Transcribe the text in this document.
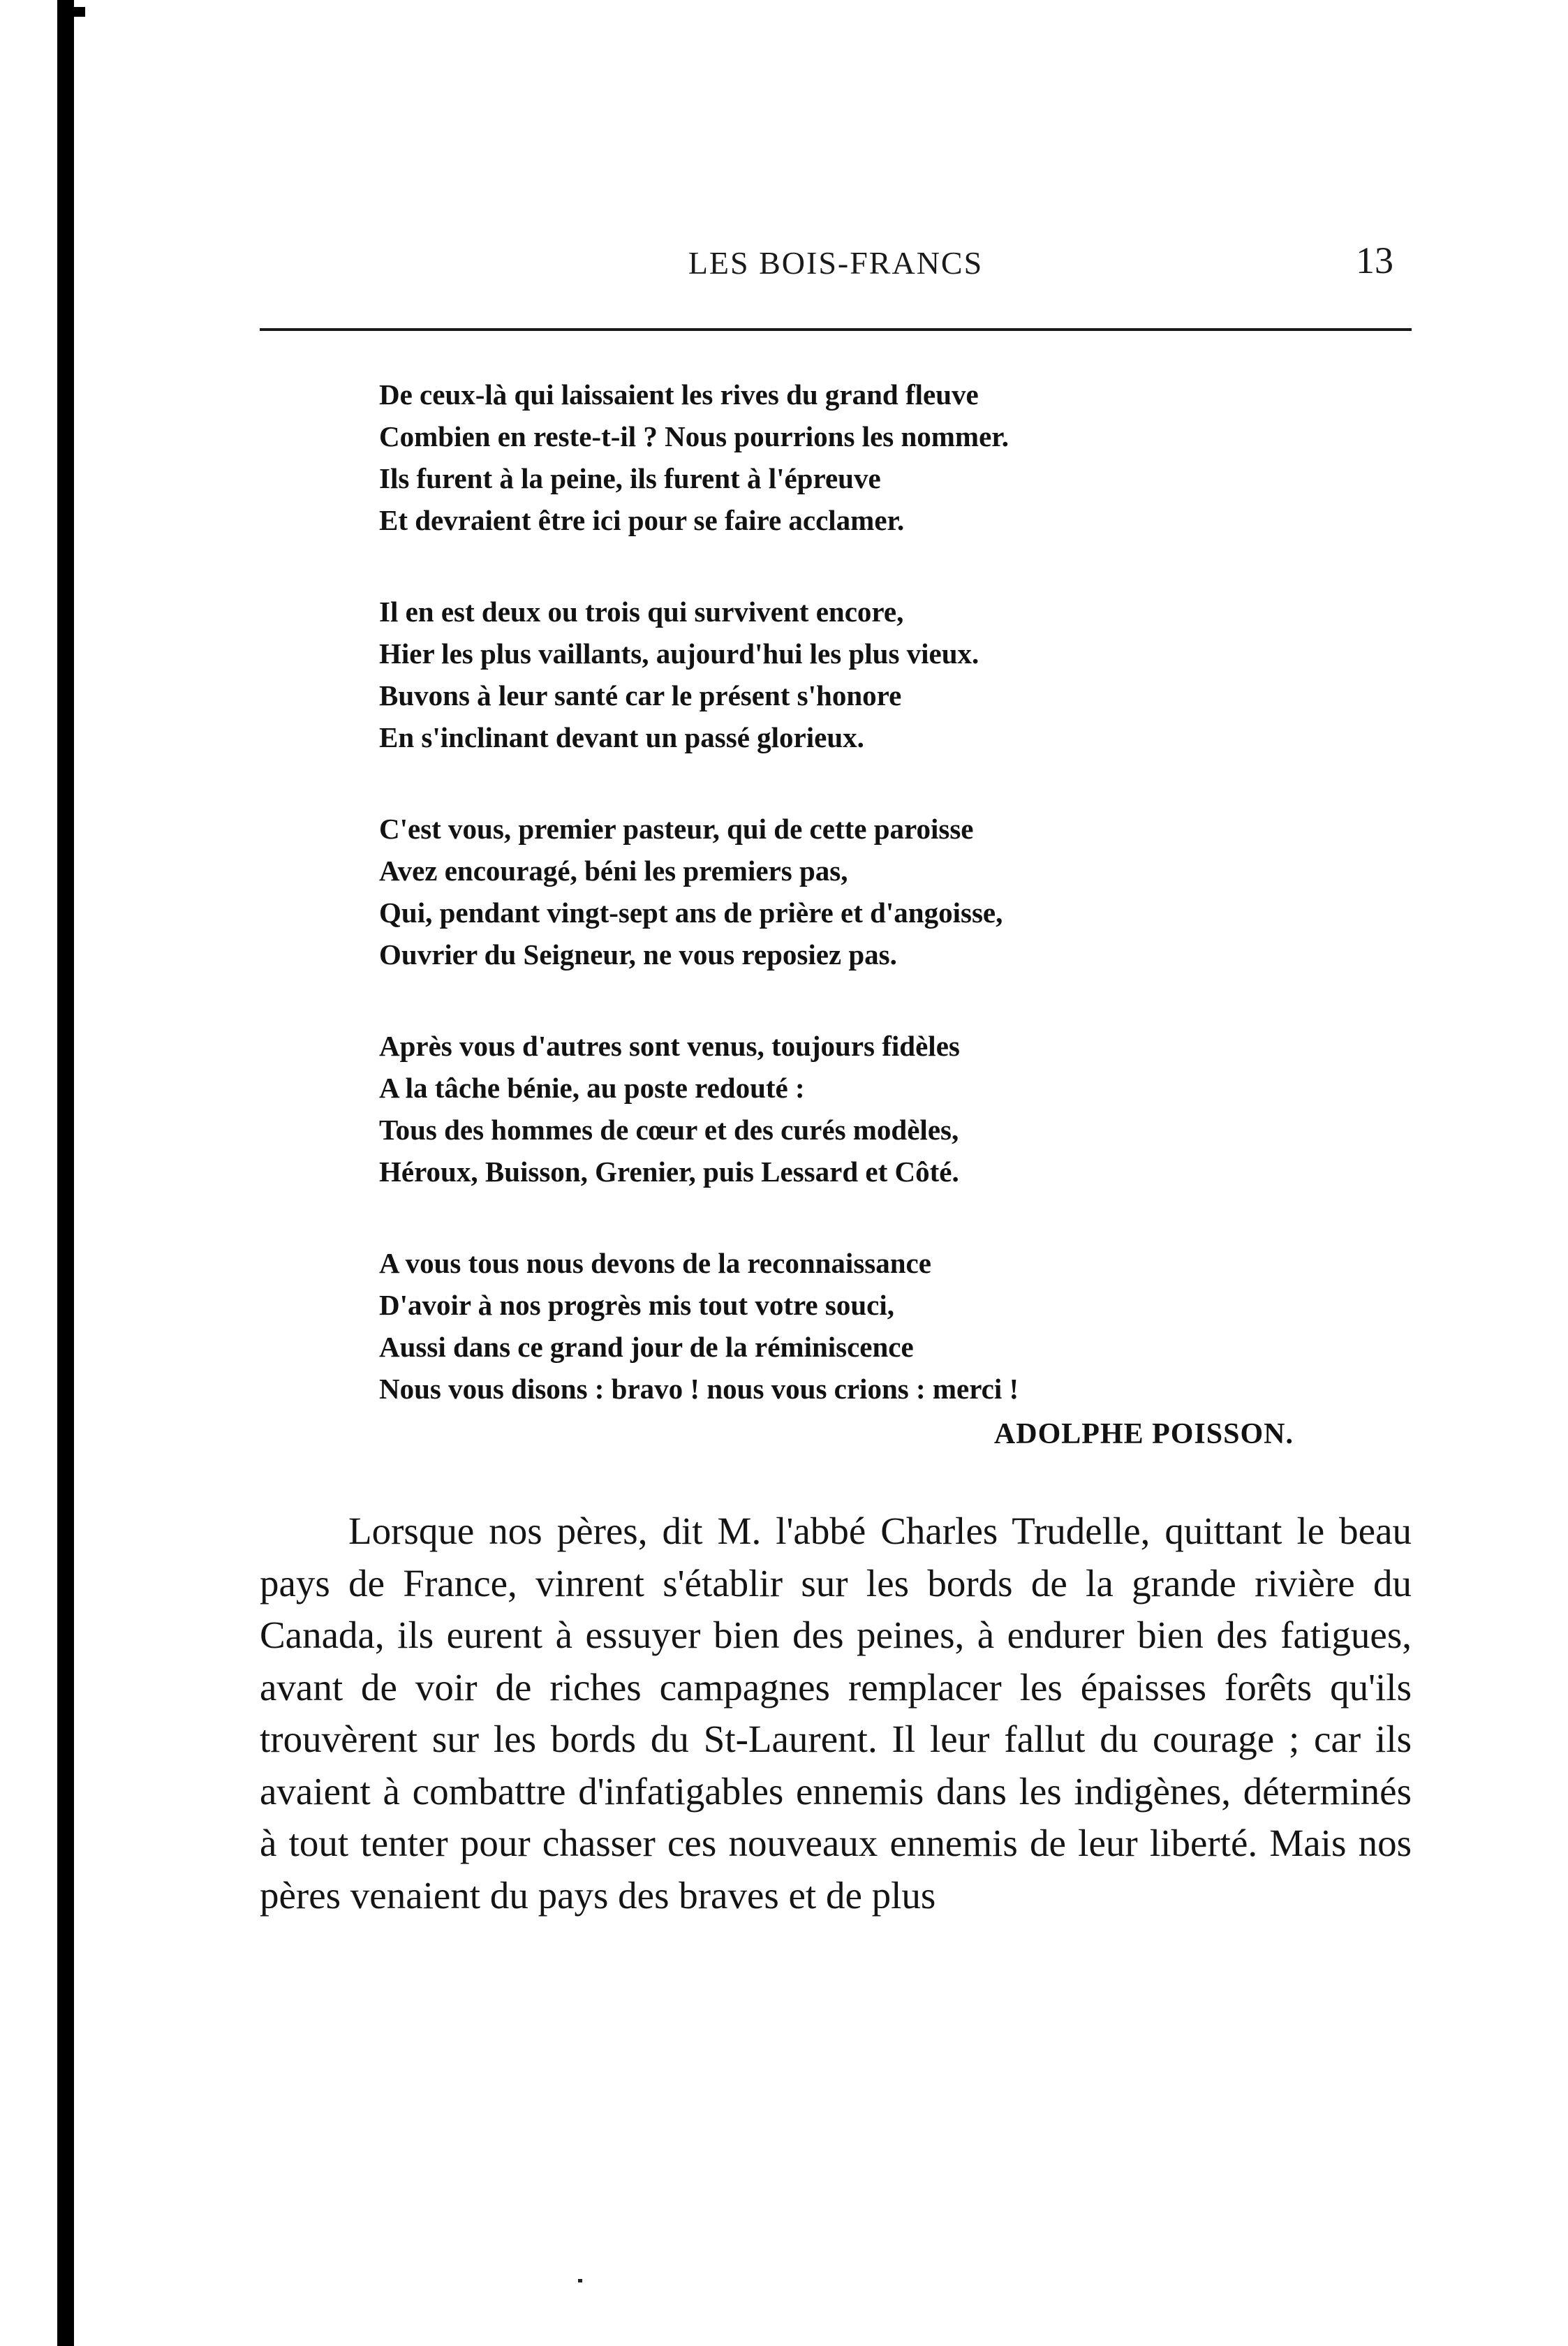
LES BOIS-FRANCS	13
De ceux-là qui laissaient les rives du grand fleuve
Combien en reste-t-il ? Nous pourrions les nommer.
Ils furent à la peine, ils furent à l'épreuve
Et devraient être ici pour se faire acclamer.
Il en est deux ou trois qui survivent encore,
Hier les plus vaillants, aujourd'hui les plus vieux.
Buvons à leur santé car le présent s'honore
En s'inclinant devant un passé glorieux.
C'est vous, premier pasteur, qui de cette paroisse
Avez encouragé, béni les premiers pas,
Qui, pendant vingt-sept ans de prière et d'angoisse,
Ouvrier du Seigneur, ne vous reposiez pas.
Après vous d'autres sont venus, toujours fidèles
A la tâche bénie, au poste redouté :
Tous des hommes de cœur et des curés modèles,
Héroux, Buisson, Grenier, puis Lessard et Côté.
A vous tous nous devons de la reconnaissance
D'avoir à nos progrès mis tout votre souci,
Aussi dans ce grand jour de la réminiscence
Nous vous disons : bravo ! nous vous crions : merci !
ADOLPHE POISSON.

Lorsque nos pères, dit M. l'abbé Charles Trudelle, quittant le beau pays de France, vinrent s'établir sur les bords de la grande rivière du Canada, ils eurent à essuyer bien des peines, à endurer bien des fatigues, avant de voir de riches campagnes remplacer les épaisses forêts qu'ils trouvèrent sur les bords du St-Laurent. Il leur fallut du courage ; car ils avaient à combattre d'infatigables ennemis dans les indigènes, déterminés à tout tenter pour chasser ces nouveaux ennemis de leur liberté. Mais nos pères venaient du pays des braves et de plus
